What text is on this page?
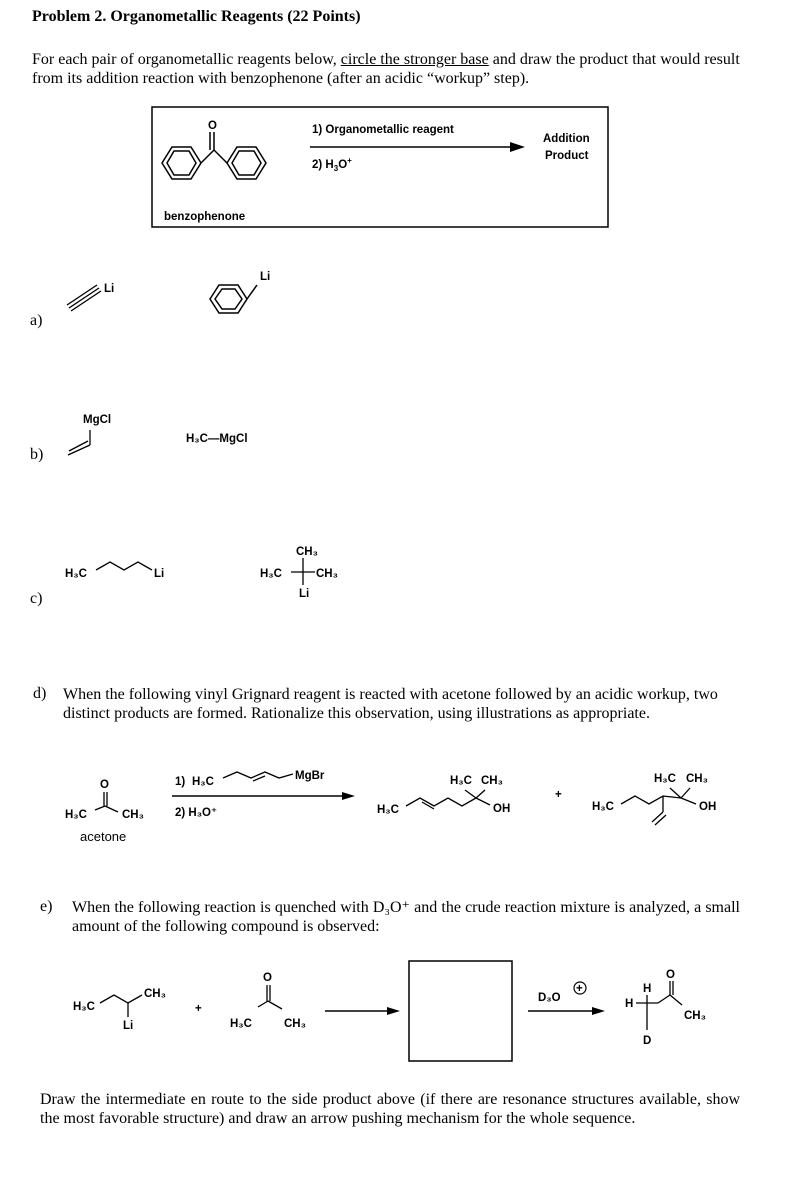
Problem 2. Organometallic Reagents (22 Points)
For each pair of organometallic reagents below, circle the stronger base and draw the product that would result from its addition reaction with benzophenone (after an acidic “workup” step).
O
benzophenone
1) Organometallic reagent
2) $H_3O^+$
Addition
Product
a)
Li
Li
b)
MgCl
H₃C—MgCl
c)
H₃C	Li
CH₃
H₃C	CH₃
Li
d) When the following vinyl Grignard reagent is reacted with acetone followed by an acidic workup, two distinct products are formed. Rationalize this observation, using illustrations as appropriate.
O
H₃C	CH₃
acetone
1) H₃C	MgBr
2) H₃O⁺
H₃C CH₃
H₃C	OH
+
H₃C CH₃
H₃C	OH
e) When the following reaction is quenched with D₃O⁺ and the crude reaction mixture is analyzed, a small amount of the following compound is observed:
H₃C
CH₃
Li
+
O
H₃C	CH₃
D₃O
+	H
H
D
O
CH₃
Draw the intermediate en route to the side product above (if there are resonance structures available, show the most favorable structure) and draw an arrow pushing mechanism for the whole sequence.
